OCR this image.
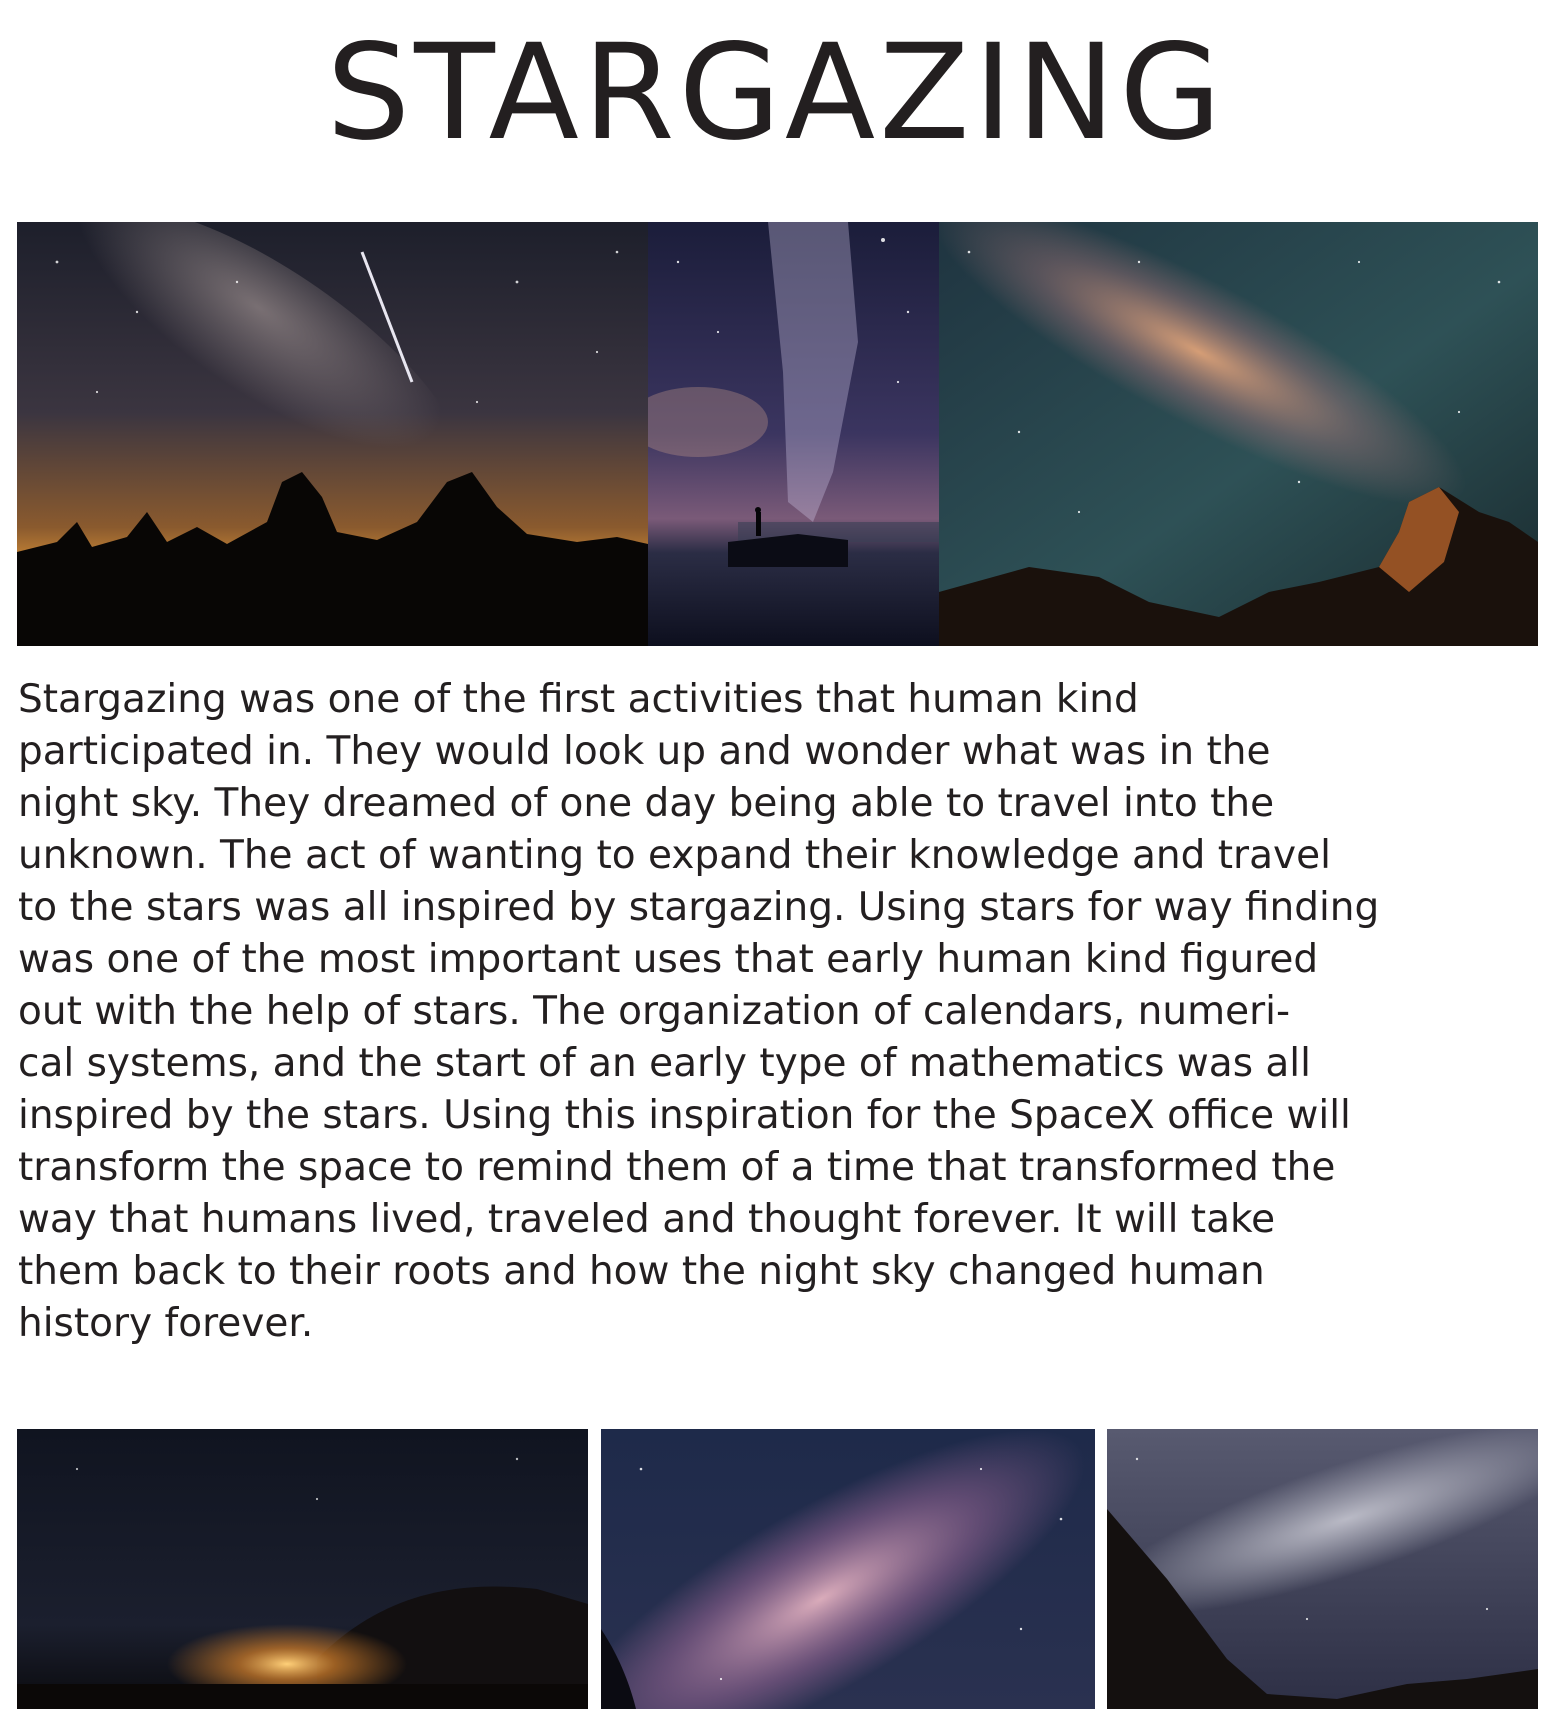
STARGAZING

Stargazing was one of the first activities that human kind
participated in. They would look up and wonder what was in the
night sky. They dreamed of one day being able to travel into the
unknown. The act of wanting to expand their knowledge and travel
to the stars was all inspired by stargazing. Using stars for way finding
was one of the most important uses that early human kind figured
out with the help of stars. The organization of calendars, numeri-
cal systems, and the start of an early type of mathematics was all
inspired by the stars. Using this inspiration for the SpaceX office will
transform the space to remind them of a time that transformed the
way that humans lived, traveled and thought forever. It will take
them back to their roots and how the night sky changed human
history forever.
